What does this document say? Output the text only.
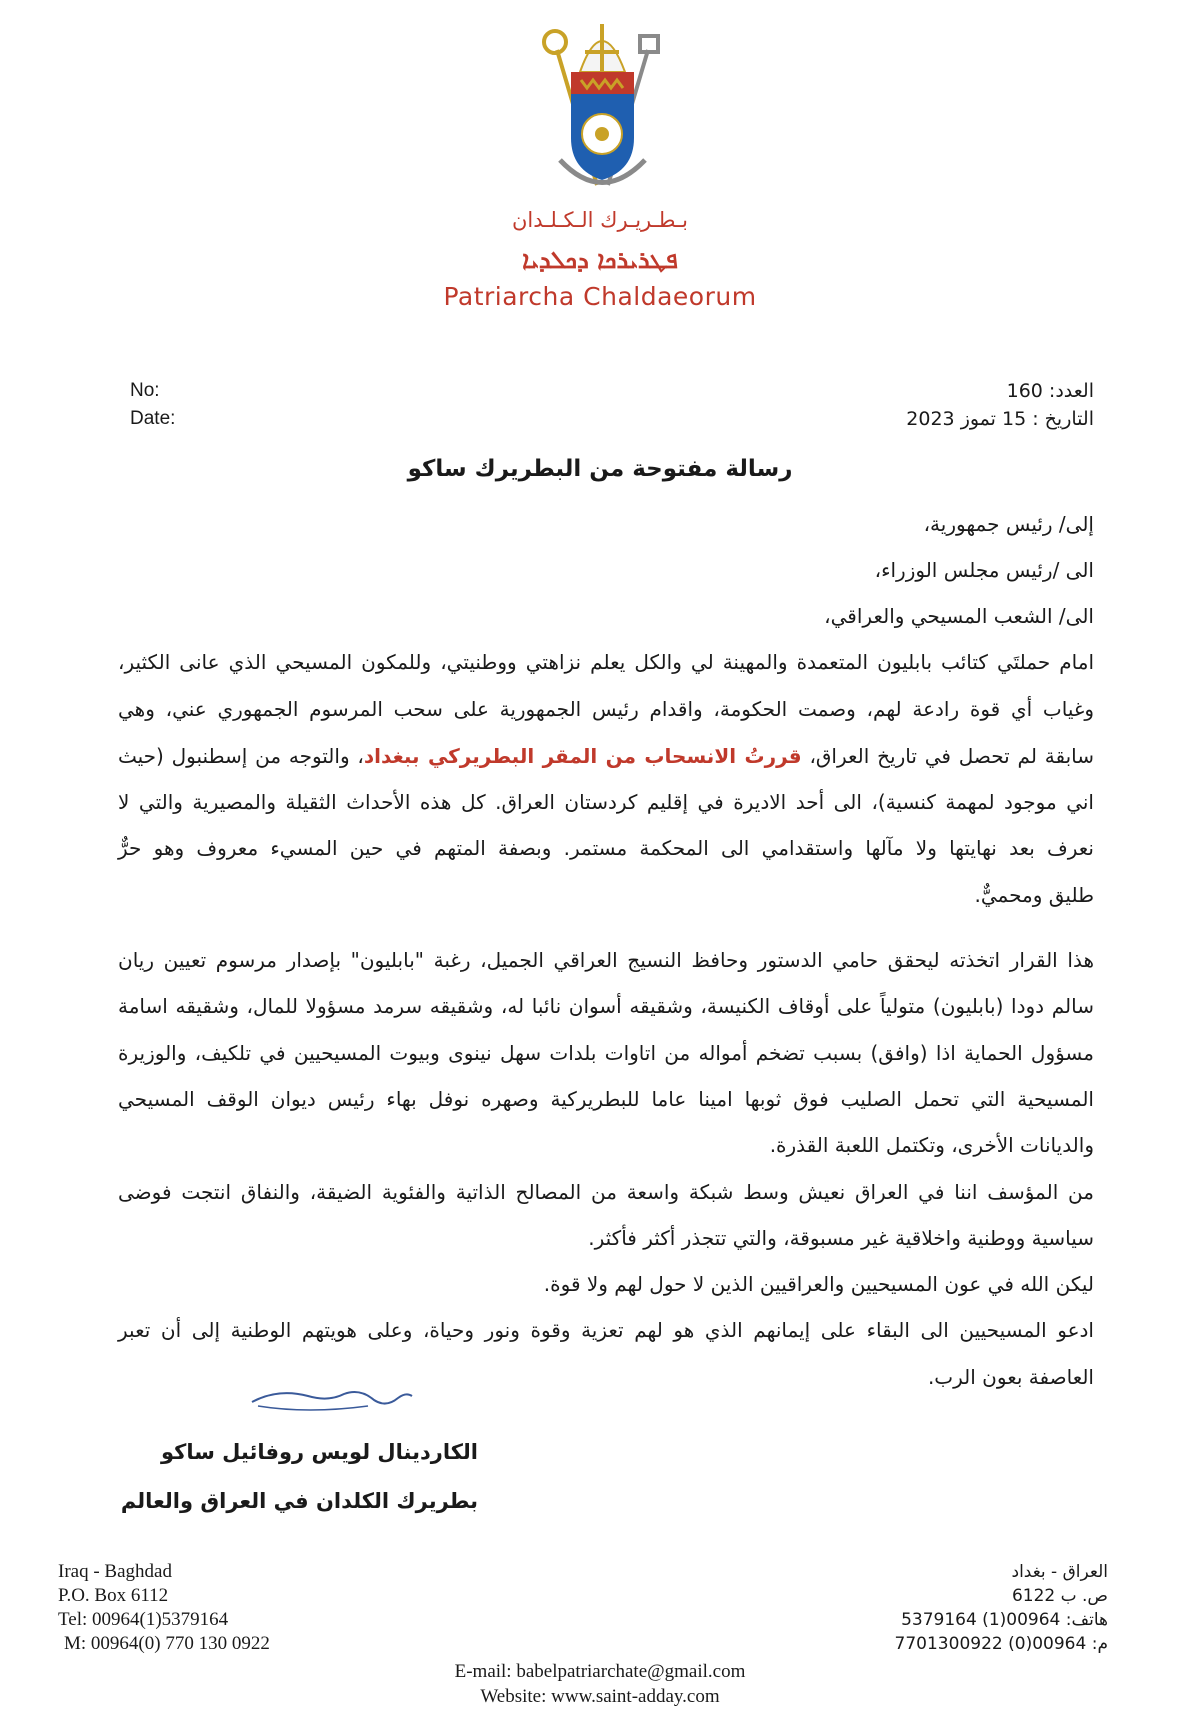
بـطـريـرك الـكـلـدان
ܦܛܪܝܪܟܐ ܕܟܠܕܝܐ
Patriarcha Chaldaeorum
No:
Date:
العدد: 160
التاريخ : 15 تموز 2023
رسالة مفتوحة من البطريرك ساكو
إلى/ رئيس جمهورية،
الى /رئيس مجلس الوزراء،
الى/ الشعب المسيحي والعراقي،
امام حملتَي كتائب بابليون المتعمدة والمهينة لي والكل يعلم نزاهتي ووطنيتي، وللمكون المسيحي الذي عانى الكثير،
وغياب أي قوة رادعة لهم، وصمت الحكومة، واقدام رئيس الجمهورية على سحب المرسوم الجمهوري عني، وهي
سابقة لم تحصل في تاريخ العراق، قررتُ الانسحاب من المقر البطريركي ببغداد، والتوجه من إسطنبول (حيث
اني موجود لمهمة كنسية)، الى أحد الاديرة في إقليم كردستان العراق. كل هذه الأحداث الثقيلة والمصيرية والتي لا
نعرف بعد نهايتها ولا مآلها واستقدامي الى المحكمة مستمر. وبصفة المتهم في حين المسيء معروف وهو حرٌّ
طليق ومحميٌّ.
هذا القرار اتخذته ليحقق حامي الدستور وحافظ النسيج العراقي الجميل، رغبة "بابليون" بإصدار مرسوم تعيين ريان
سالم دودا (بابليون) متولياً على أوقاف الكنيسة، وشقيقه أسوان نائبا له، وشقيقه سرمد مسؤولا للمال، وشقيقه اسامة
مسؤول الحماية اذا (وافق) بسبب تضخم أمواله من اتاوات بلدات سهل نينوى وبيوت المسيحيين في تلكيف، والوزيرة
المسيحية التي تحمل الصليب فوق ثوبها امينا عاما للبطريركية وصهره نوفل بهاء رئيس ديوان الوقف المسيحي
والديانات الأخرى، وتكتمل اللعبة القذرة.
من المؤسف اننا في العراق نعيش وسط شبكة واسعة من المصالح الذاتية والفئوية الضيقة، والنفاق انتجت فوضى
سياسية ووطنية واخلاقية غير مسبوقة، والتي تتجذر أكثر فأكثر.
ليكن الله في عون المسيحيين والعراقيين الذين لا حول لهم ولا قوة.
ادعو المسيحيين الى البقاء على إيمانهم الذي هو لهم تعزية وقوة ونور وحياة، وعلى هويتهم الوطنية إلى أن تعبر
العاصفة بعون الرب.
الكاردينال لويس روفائيل ساكو
بطريرك الكلدان في العراق والعالم
Iraq - Baghdad
P.O. Box 6112
Tel: 00964(1)5379164
M: 00964(0) 770 130 0922
العراق - بغداد
ص. ب 6122
هاتف: 00964(1) 5379164
م: 00964(0) 7701300922
E-mail: babelpatriarchate@gmail.com
Website: www.saint-adday.com
